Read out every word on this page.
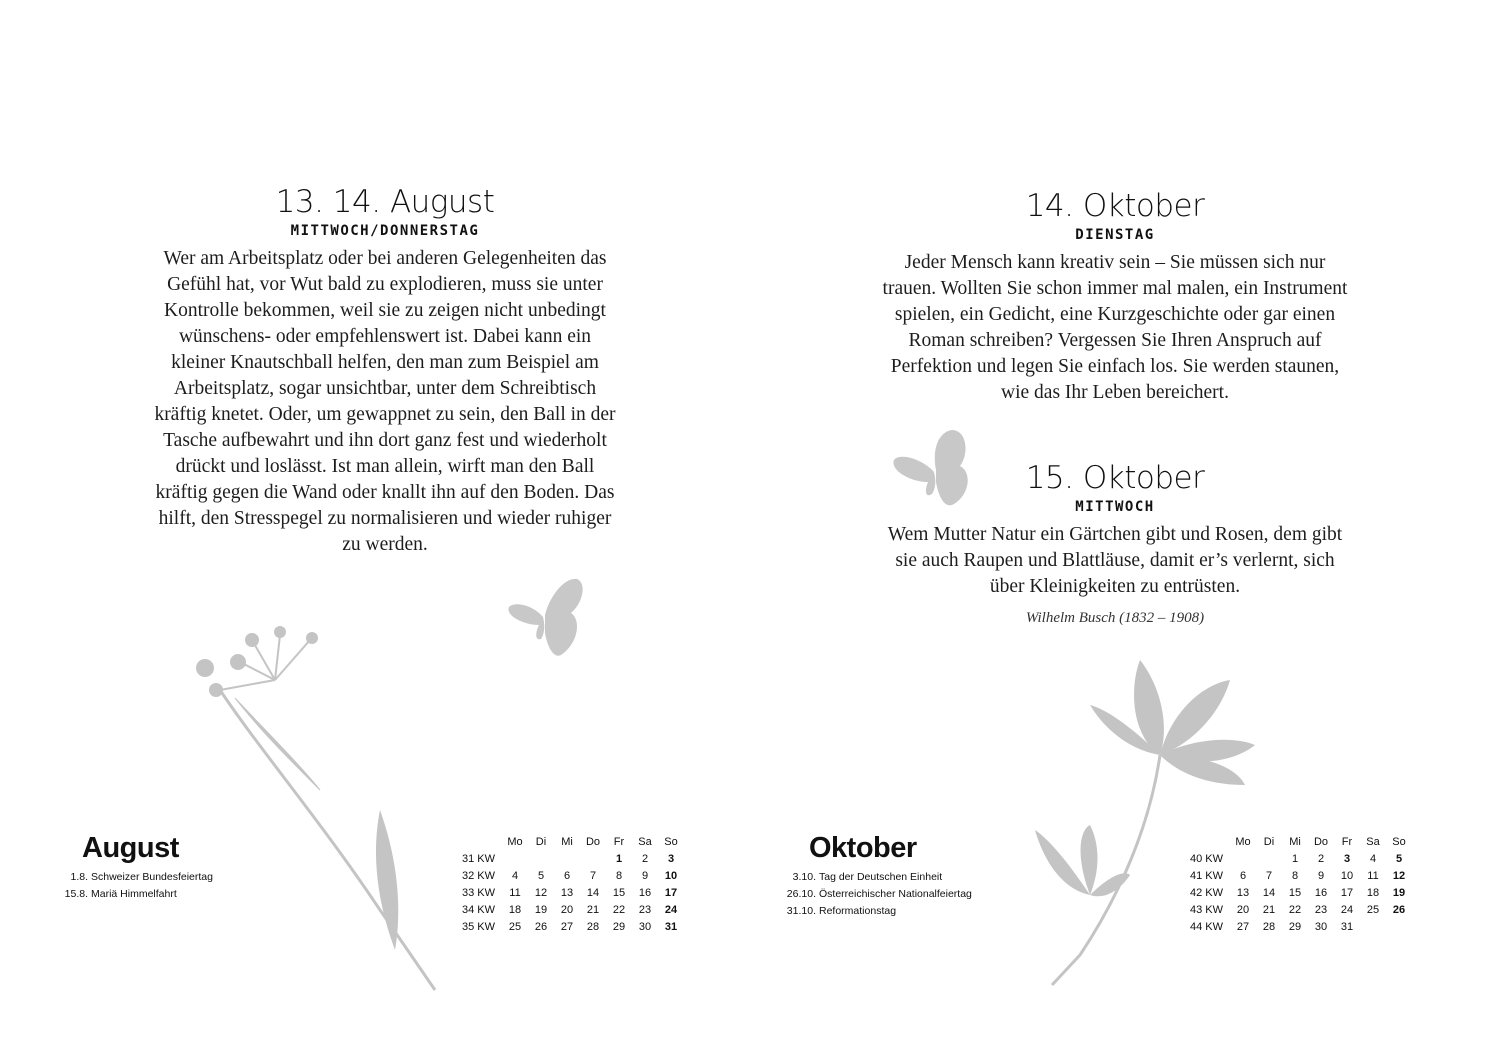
13. 14. August
MITTWOCH/DONNERSTAG
Wer am Arbeitsplatz oder bei anderen Gelegenheiten das
Gefühl hat, vor Wut bald zu explodieren, muss sie unter
Kontrolle bekommen, weil sie zu zeigen nicht unbedingt
wünschens- oder empfehlenswert ist. Dabei kann ein
kleiner Knautschball helfen, den man zum Beispiel am
Arbeitsplatz, sogar unsichtbar, unter dem Schreibtisch
kräftig knetet. Oder, um gewappnet zu sein, den Ball in der
Tasche aufbewahrt und ihn dort ganz fest und wiederholt
drückt und loslässt. Ist man allein, wirft man den Ball
kräftig gegen die Wand oder knallt ihn auf den Boden. Das
hilft, den Stresspegel zu normalisieren und wieder ruhiger
zu werden.
August
1.8. Schweizer Bundesfeiertag
15.8. Mariä Himmelfahrt
	Mo	Di	Mi	Do	Fr	Sa	So
31 KW					1	2	3
32 KW	4	5	6	7	8	9	10
33 KW	11	12	13	14	15	16	17
34 KW	18	19	20	21	22	23	24
35 KW	25	26	27	28	29	30	31
14. Oktober
DIENSTAG
Jeder Mensch kann kreativ sein – Sie müssen sich nur
trauen. Wollten Sie schon immer mal malen, ein Instrument
spielen, ein Gedicht, eine Kurzgeschichte oder gar einen
Roman schreiben? Vergessen Sie Ihren Anspruch auf
Perfektion und legen Sie einfach los. Sie werden staunen,
wie das Ihr Leben bereichert.
15. Oktober
MITTWOCH
Wem Mutter Natur ein Gärtchen gibt und Rosen, dem gibt
sie auch Raupen und Blattläuse, damit er’s verlernt, sich
über Kleinigkeiten zu entrüsten.
Wilhelm Busch (1832 – 1908)
Oktober
3.10. Tag der Deutschen Einheit
26.10. Österreichischer Nationalfeiertag
31.10. Reformationstag
	Mo	Di	Mi	Do	Fr	Sa	So
40 KW			1	2	3	4	5
41 KW	6	7	8	9	10	11	12
42 KW	13	14	15	16	17	18	19
43 KW	20	21	22	23	24	25	26
44 KW	27	28	29	30	31		
